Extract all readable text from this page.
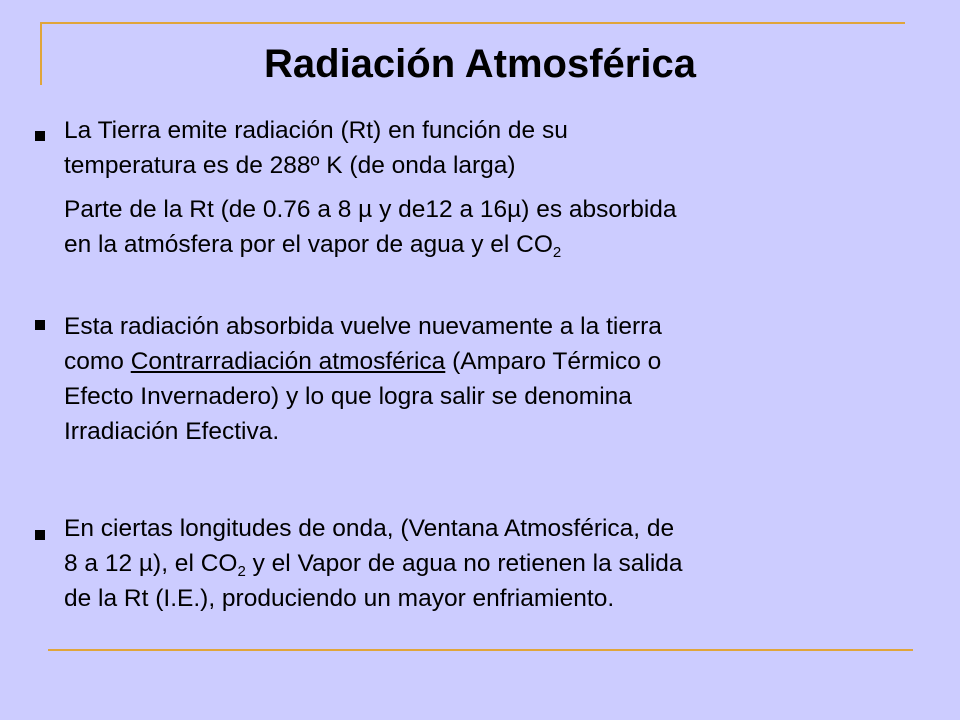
Radiación Atmosférica

La Tierra emite radiación (Rt) en función de su
temperatura es de 288º K (de onda larga)

Parte de la Rt (de 0.76 a 8 µ y de12 a 16µ) es absorbida
en la atmósfera por el vapor de agua y el $CO_2$

Esta radiación absorbida vuelve nuevamente a la tierra
como Contrarradiación atmosférica (Amparo Térmico o
Efecto Invernadero) y lo que logra salir se denomina
Irradiación Efectiva.

En ciertas longitudes de onda, (Ventana Atmosférica, de
8 a 12 µ), el $CO_2$ y el Vapor de agua no retienen la salida
de la Rt (I.E.), produciendo un mayor enfriamiento.
